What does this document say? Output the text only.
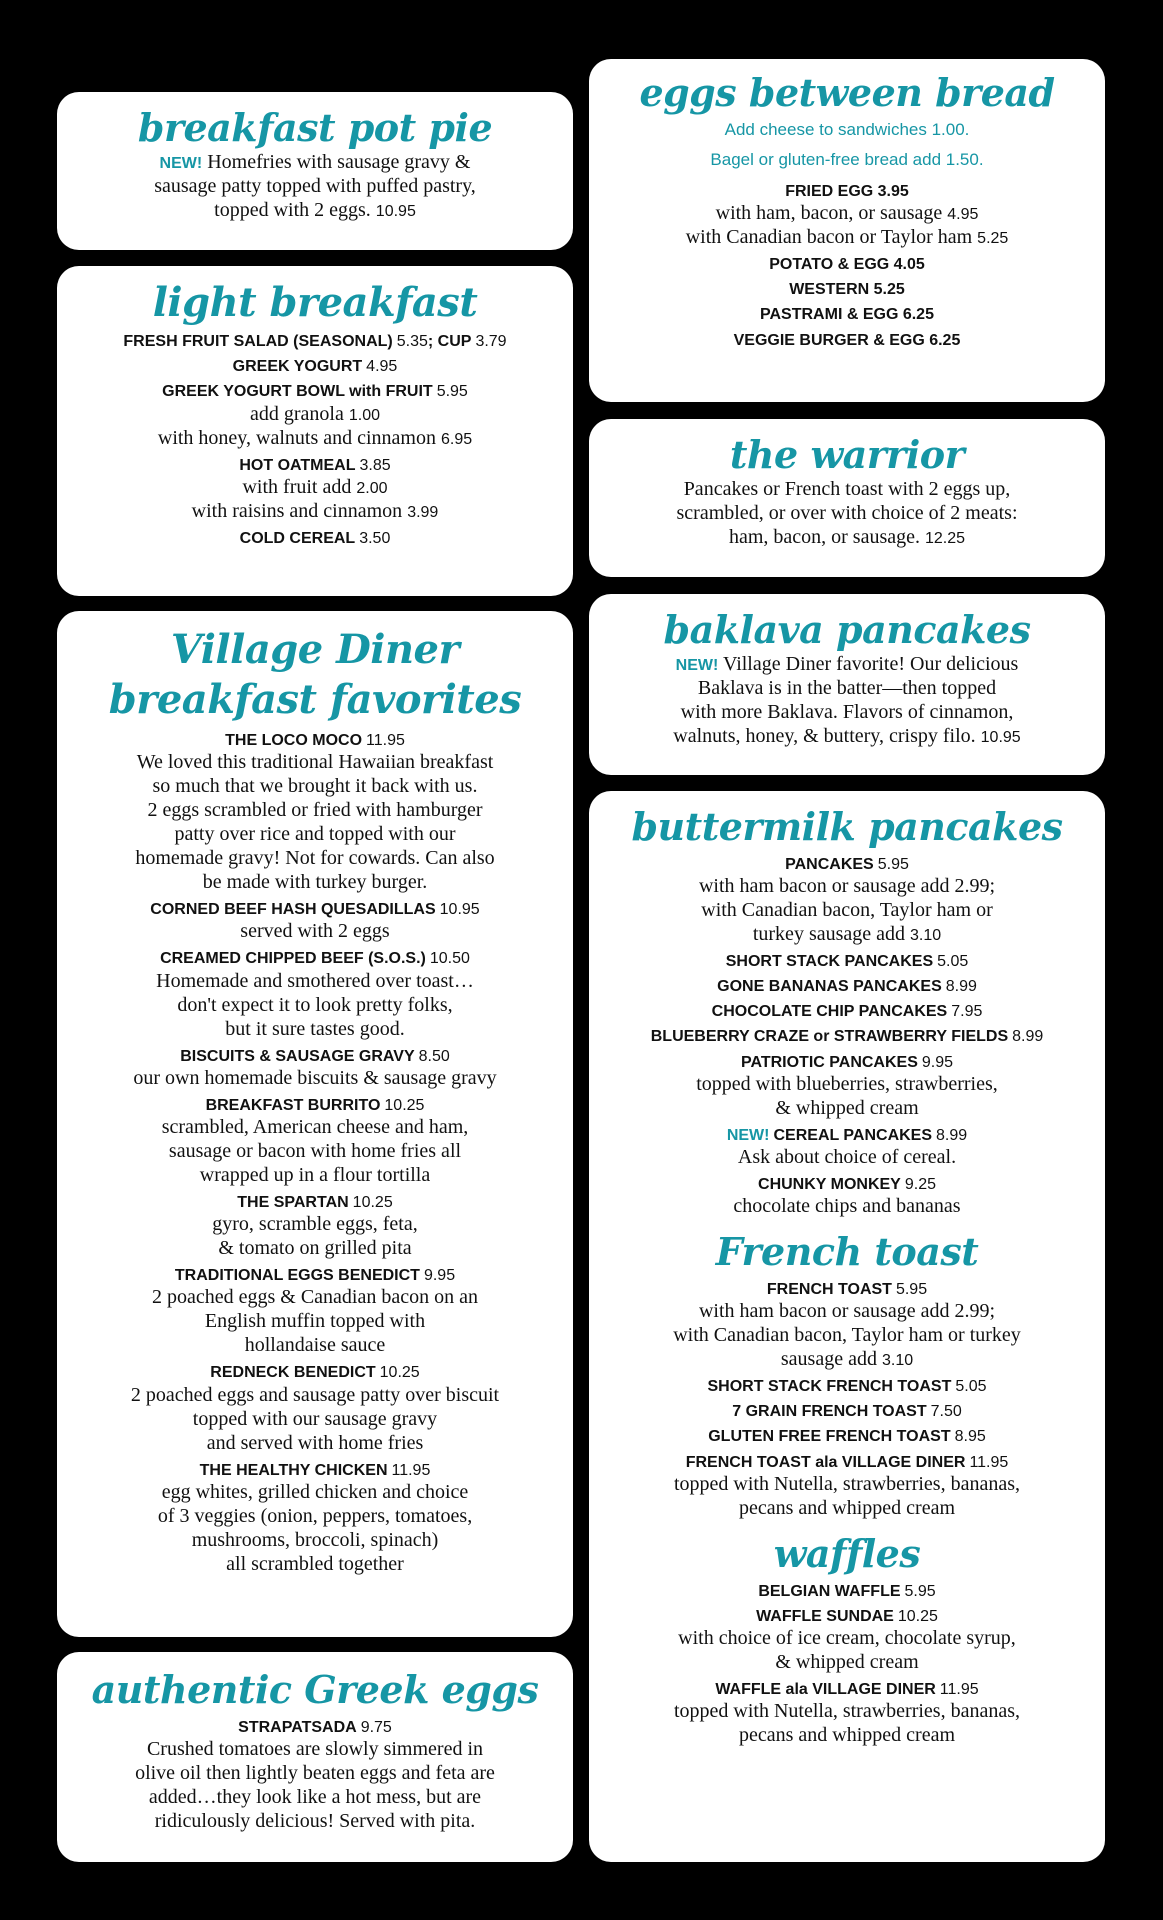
breakfast pot pie
NEW! Homefries with sausage gravy &
sausage patty topped with puffed pastry,
topped with 2 eggs. 10.95
light breakfast
FRESH FRUIT SALAD (SEASONAL) 5.35; CUP 3.79
GREEK YOGURT 4.95
GREEK YOGURT BOWL with FRUIT 5.95
add granola 1.00
with honey, walnuts and cinnamon 6.95
HOT OATMEAL 3.85
with fruit add 2.00
with raisins and cinnamon 3.99
COLD CEREAL 3.50
Village Diner
breakfast favorites
THE LOCO MOCO 11.95
We loved this traditional Hawaiian breakfast
so much that we brought it back with us.
2 eggs scrambled or fried with hamburger
patty over rice and topped with our
homemade gravy! Not for cowards. Can also
be made with turkey burger.
CORNED BEEF HASH QUESADILLAS 10.95
served with 2 eggs
CREAMED CHIPPED BEEF (S.O.S.) 10.50
Homemade and smothered over toast…
don't expect it to look pretty folks,
but it sure tastes good.
BISCUITS & SAUSAGE GRAVY 8.50
our own homemade biscuits & sausage gravy
BREAKFAST BURRITO 10.25
scrambled, American cheese and ham,
sausage or bacon with home fries all
wrapped up in a flour tortilla
THE SPARTAN 10.25
gyro, scramble eggs, feta,
& tomato on grilled pita
TRADITIONAL EGGS BENEDICT 9.95
2 poached eggs & Canadian bacon on an
English muffin topped with
hollandaise sauce
REDNECK BENEDICT 10.25
2 poached eggs and sausage patty over biscuit
topped with our sausage gravy
and served with home fries
THE HEALTHY CHICKEN 11.95
egg whites, grilled chicken and choice
of 3 veggies (onion, peppers, tomatoes,
mushrooms, broccoli, spinach)
all scrambled together
authentic Greek eggs
STRAPATSADA 9.75
Crushed tomatoes are slowly simmered in
olive oil then lightly beaten eggs and feta are
added…they look like a hot mess, but are
ridiculously delicious! Served with pita.
eggs between bread
Add cheese to sandwiches 1.00.
Bagel or gluten-free bread add 1.50.
FRIED EGG 3.95
with ham, bacon, or sausage 4.95
with Canadian bacon or Taylor ham 5.25
POTATO & EGG 4.05
WESTERN 5.25
PASTRAMI & EGG 6.25
VEGGIE BURGER & EGG 6.25
the warrior
Pancakes or French toast with 2 eggs up,
scrambled, or over with choice of 2 meats:
ham, bacon, or sausage. 12.25
baklava pancakes
NEW! Village Diner favorite! Our delicious
Baklava is in the batter—then topped
with more Baklava. Flavors of cinnamon,
walnuts, honey, & buttery, crispy filo. 10.95
buttermilk pancakes
PANCAKES 5.95
with ham bacon or sausage add 2.99;
with Canadian bacon, Taylor ham or
turkey sausage add 3.10
SHORT STACK PANCAKES 5.05
GONE BANANAS PANCAKES 8.99
CHOCOLATE CHIP PANCAKES 7.95
BLUEBERRY CRAZE or STRAWBERRY FIELDS 8.99
PATRIOTIC PANCAKES 9.95
topped with blueberries, strawberries,
& whipped cream
NEW! CEREAL PANCAKES 8.99
Ask about choice of cereal.
CHUNKY MONKEY 9.25
chocolate chips and bananas
French toast
FRENCH TOAST 5.95
with ham bacon or sausage add 2.99;
with Canadian bacon, Taylor ham or turkey
sausage add 3.10
SHORT STACK FRENCH TOAST 5.05
7 GRAIN FRENCH TOAST 7.50
GLUTEN FREE FRENCH TOAST 8.95
FRENCH TOAST ala VILLAGE DINER 11.95
topped with Nutella, strawberries, bananas,
pecans and whipped cream
waffles
BELGIAN WAFFLE 5.95
WAFFLE SUNDAE 10.25
with choice of ice cream, chocolate syrup,
& whipped cream
WAFFLE ala VILLAGE DINER 11.95
topped with Nutella, strawberries, bananas,
pecans and whipped cream
